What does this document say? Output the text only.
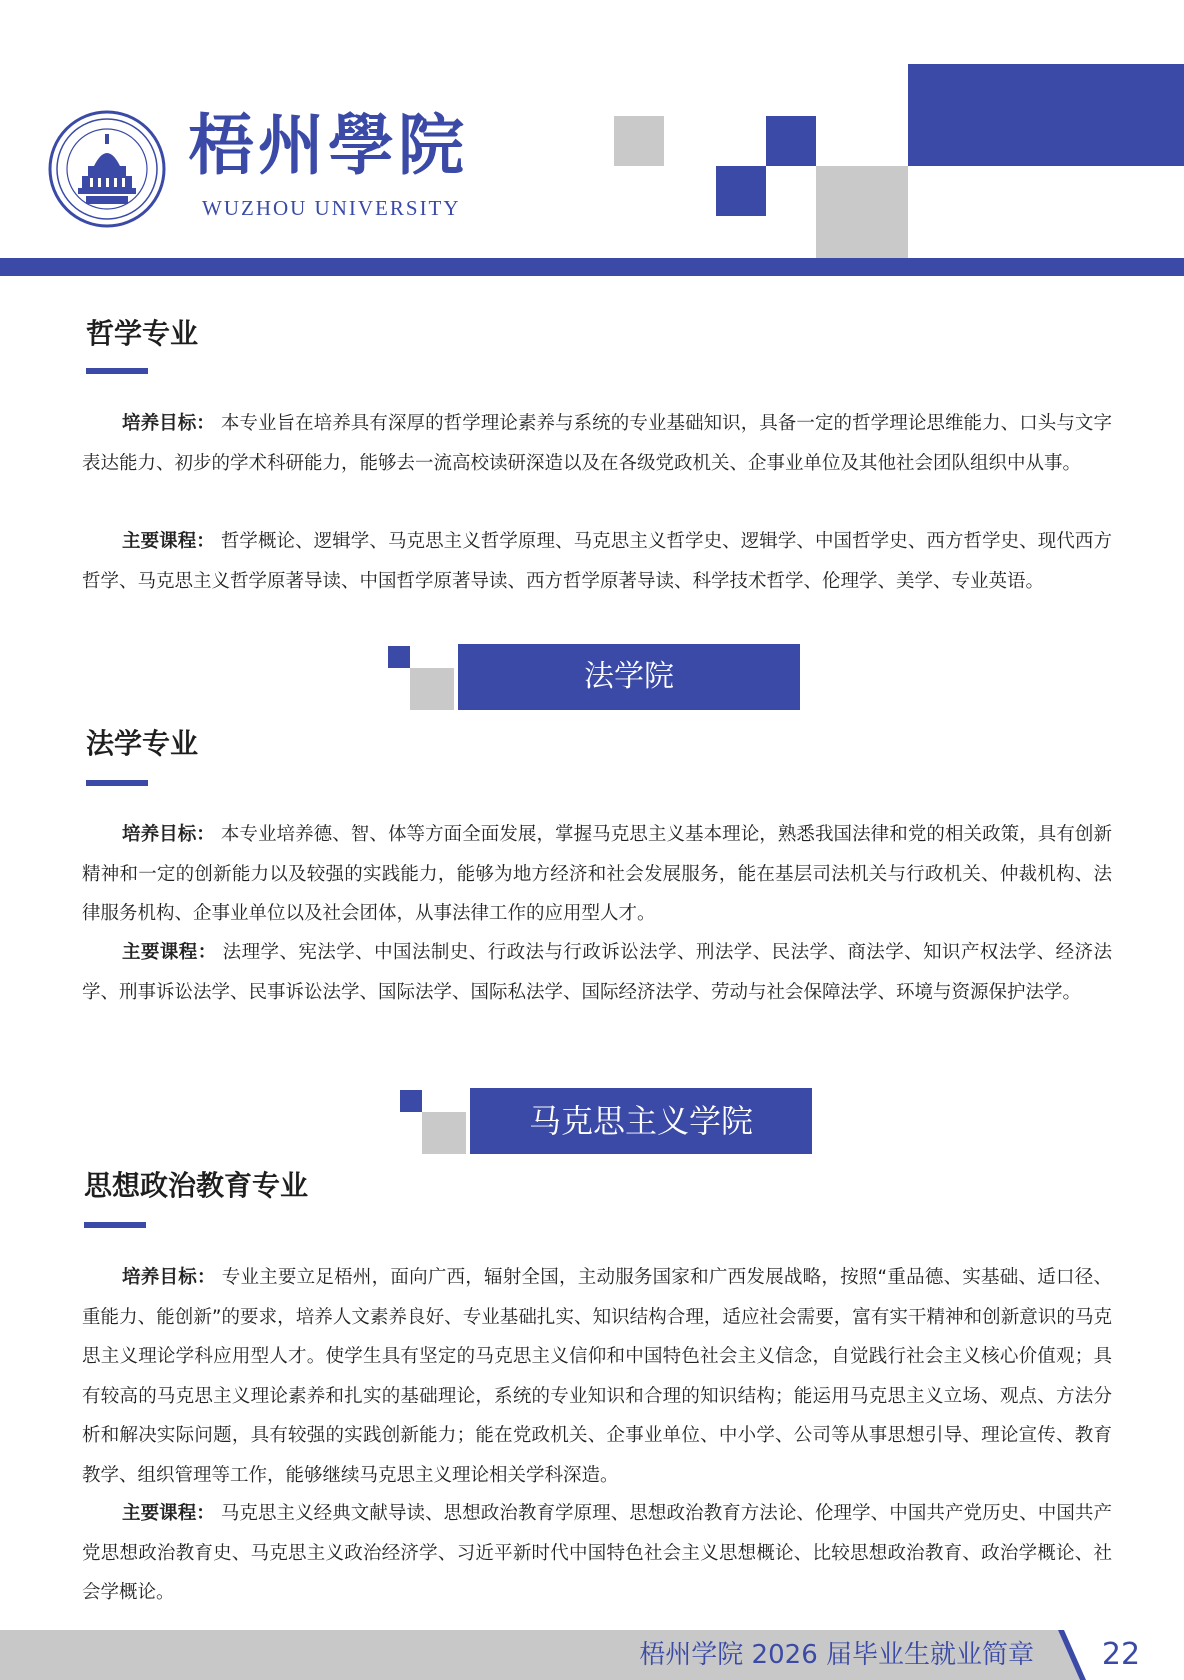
梧州學院
WUZHOU UNIVERSITY
哲学专业
培养目标： 本专业旨在培养具有深厚的哲学理论素养与系统的专业基础知识，具备一定的哲学理论思维能力、口头与文字表达能力、初步的学术科研能力，能够去一流高校读研深造以及在各级党政机关、企事业单位及其他社会团队组织中从事。
主要课程： 哲学概论、逻辑学、马克思主义哲学原理、马克思主义哲学史、逻辑学、中国哲学史、西方哲学史、现代西方哲学、马克思主义哲学原著导读、中国哲学原著导读、西方哲学原著导读、科学技术哲学、伦理学、美学、专业英语。
法学院
法学专业
培养目标： 本专业培养德、智、体等方面全面发展，掌握马克思主义基本理论，熟悉我国法律和党的相关政策，具有创新精神和一定的创新能力以及较强的实践能力，能够为地方经济和社会发展服务，能在基层司法机关与行政机关、仲裁机构、法律服务机构、企事业单位以及社会团体，从事法律工作的应用型人才。
主要课程： 法理学、宪法学、中国法制史、行政法与行政诉讼法学、刑法学、民法学、商法学、知识产权法学、经济法学、刑事诉讼法学、民事诉讼法学、国际法学、国际私法学、国际经济法学、劳动与社会保障法学、环境与资源保护法学。
马克思主义学院
思想政治教育专业
培养目标： 专业主要立足梧州，面向广西，辐射全国，主动服务国家和广西发展战略，按照“重品德、实基础、适口径、重能力、能创新”的要求，培养人文素养良好、专业基础扎实、知识结构合理，适应社会需要，富有实干精神和创新意识的马克思主义理论学科应用型人才。使学生具有坚定的马克思主义信仰和中国特色社会主义信念，自觉践行社会主义核心价值观；具有较高的马克思主义理论素养和扎实的基础理论，系统的专业知识和合理的知识结构；能运用马克思主义立场、观点、方法分析和解决实际问题，具有较强的实践创新能力；能在党政机关、企事业单位、中小学、公司等从事思想引导、理论宣传、教育教学、组织管理等工作，能够继续马克思主义理论相关学科深造。
主要课程： 马克思主义经典文献导读、思想政治教育学原理、思想政治教育方法论、伦理学、中国共产党历史、中国共产党思想政治教育史、马克思主义政治经济学、习近平新时代中国特色社会主义思想概论、比较思想政治教育、政治学概论、社会学概论。
梧州学院 2026 届毕业生就业简章	22
